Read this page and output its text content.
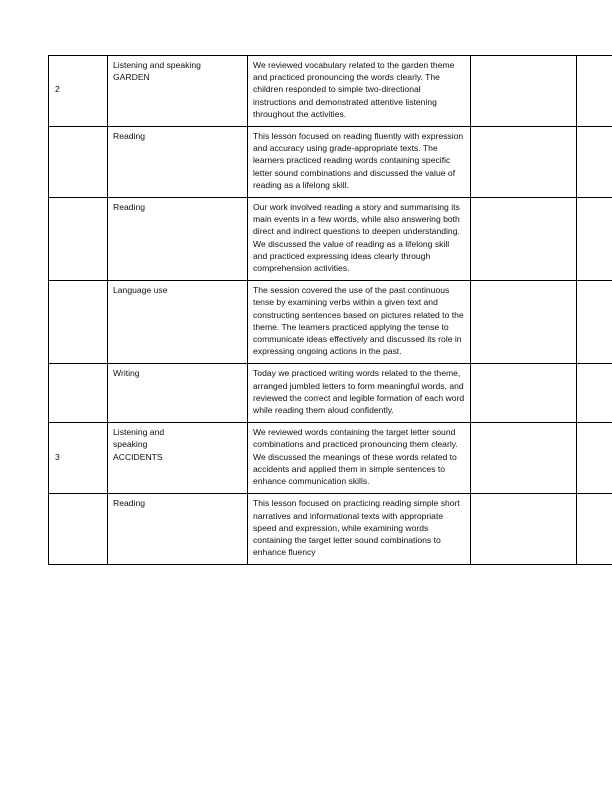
2	Listening and speaking GARDEN	We reviewed vocabulary related to the garden theme and practiced pronouncing the words clearly. The children responded to simple two-directional instructions and demonstrated attentive listening throughout the activities.		
	Reading	This lesson focused on reading fluently with expression and accuracy using grade-appropriate texts. The learners practiced reading words containing specific letter sound combinations and discussed the value of reading as a lifelong skill.		
	Reading	Our work involved reading a story and summarising its main events in a few words, while also answering both direct and indirect questions to deepen understanding. We discussed the value of reading as a lifelong skill and practiced expressing ideas clearly through comprehension activities.		
	Language use	The session covered the use of the past continuous tense by examining verbs within a given text and constructing sentences based on pictures related to the theme. The learners practiced applying the tense to communicate ideas effectively and discussed its role in expressing ongoing actions in the past.		
	Writing	Today we practiced writing words related to the theme, arranged jumbled letters to form meaningful words, and reviewed the correct and legible formation of each word while reading them aloud confidently.		
3	Listening and speaking ACCIDENTS	We reviewed words containing the target letter sound combinations and practiced pronouncing them clearly. We discussed the meanings of these words related to accidents and applied them in simple sentences to enhance communication skills.		
	Reading	This lesson focused on practicing reading simple short narratives and informational texts with appropriate speed and expression, while examining words containing the target letter sound combinations to enhance fluency		
